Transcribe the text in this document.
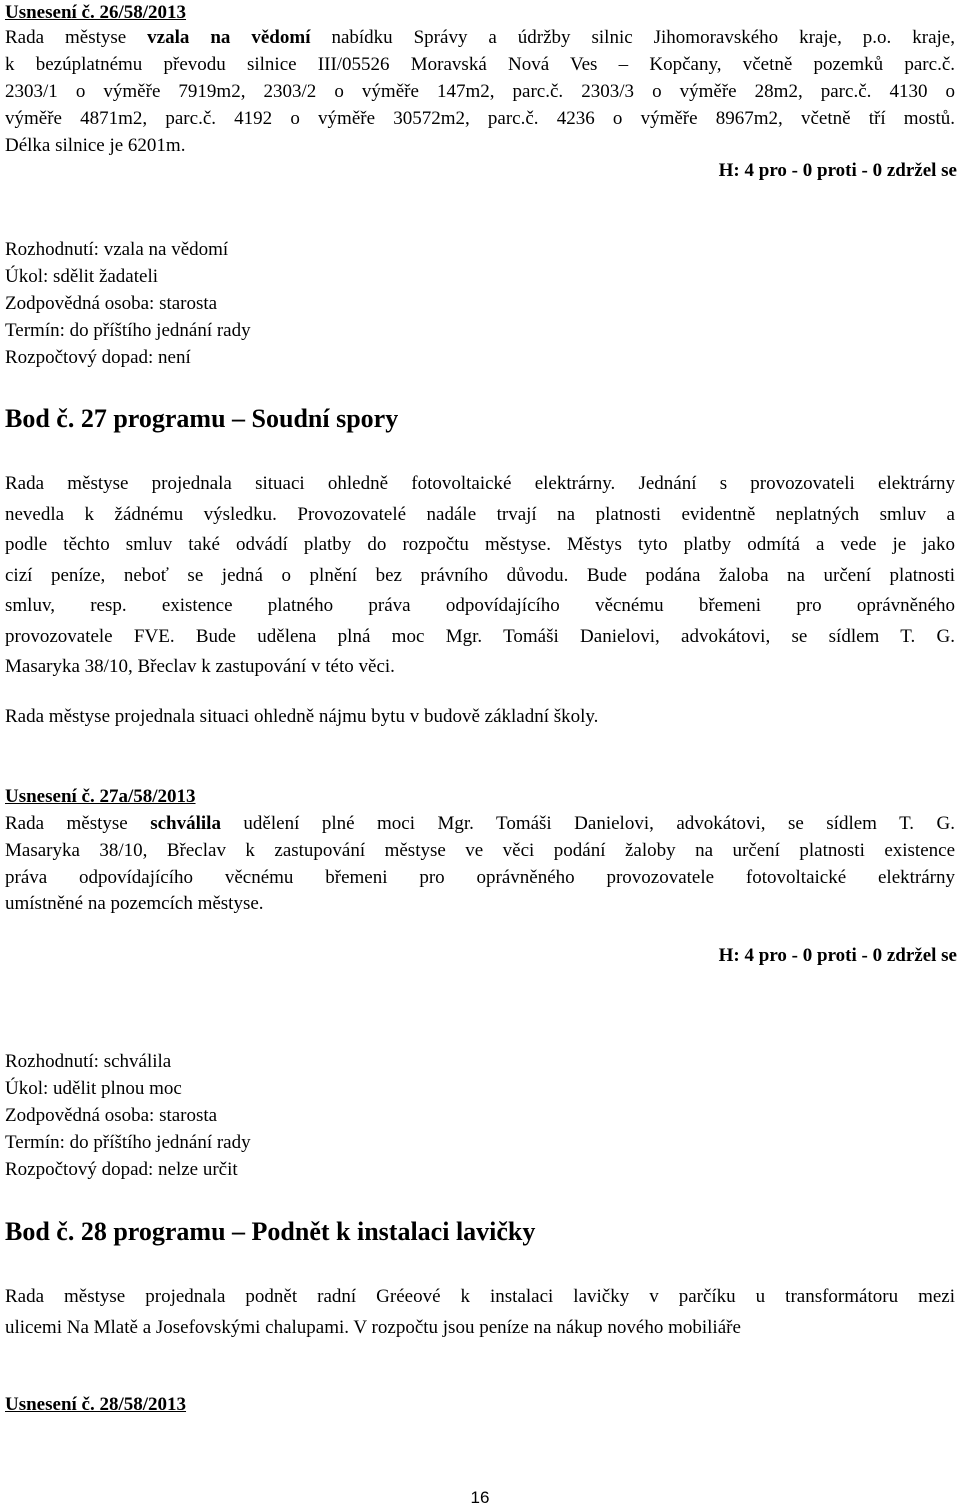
Usnesení č. 26/58/2013
Rada městyse vzala na vědomí nabídku Správy a údržby silnic Jihomoravského kraje, p.o. kraje,
k bezúplatnému převodu silnice III/05526 Moravská Nová Ves – Kopčany, včetně pozemků parc.č.
2303/1 o výměře 7919m2, 2303/2 o výměře 147m2, parc.č. 2303/3 o výměře 28m2, parc.č. 4130 o
výměře 4871m2, parc.č. 4192 o výměře 30572m2, parc.č. 4236 o výměře 8967m2, včetně tří mostů.
Délka silnice je 6201m.
H: 4 pro - 0 proti - 0 zdržel se
Rozhodnutí: vzala na vědomí
Úkol: sdělit žadateli
Zodpovědná osoba: starosta
Termín: do příštího jednání rady
Rozpočtový dopad: není
Bod č. 27 programu – Soudní spory
Rada městyse projednala situaci ohledně fotovoltaické elektrárny. Jednání s provozovateli elektrárny
nevedla k žádnému výsledku. Provozovatelé nadále trvají na platnosti evidentně neplatných smluv a
podle těchto smluv také odvádí platby do rozpočtu městyse. Městys tyto platby odmítá a vede je jako
cizí peníze, neboť se jedná o plnění bez právního důvodu. Bude podána žaloba na určení platnosti
smluv, resp. existence platného práva odpovídajícího věcnému břemeni pro oprávněného
provozovatele FVE. Bude udělena plná moc Mgr. Tomáši Danielovi, advokátovi, se sídlem T. G.
Masaryka 38/10, Břeclav k zastupování v této věci.
Rada městyse projednala situaci ohledně nájmu bytu v budově základní školy.
Usnesení č. 27a/58/2013
Rada městyse schválila udělení plné moci Mgr. Tomáši Danielovi, advokátovi, se sídlem T. G.
Masaryka 38/10, Břeclav k zastupování městyse ve věci podání žaloby na určení platnosti existence
práva odpovídajícího věcnému břemeni pro oprávněného provozovatele fotovoltaické elektrárny
umístněné na pozemcích městyse.
H: 4 pro - 0 proti - 0 zdržel se
Rozhodnutí: schválila
Úkol: udělit plnou moc
Zodpovědná osoba: starosta
Termín: do příštího jednání rady
Rozpočtový dopad: nelze určit
Bod č. 28 programu – Podnět k instalaci lavičky
Rada městyse projednala podnět radní Gréeové k instalaci lavičky v parčíku u transformátoru mezi
ulicemi Na Mlatě a Josefovskými chalupami. V rozpočtu jsou peníze na nákup nového mobiliáře
Usnesení č. 28/58/2013
16
